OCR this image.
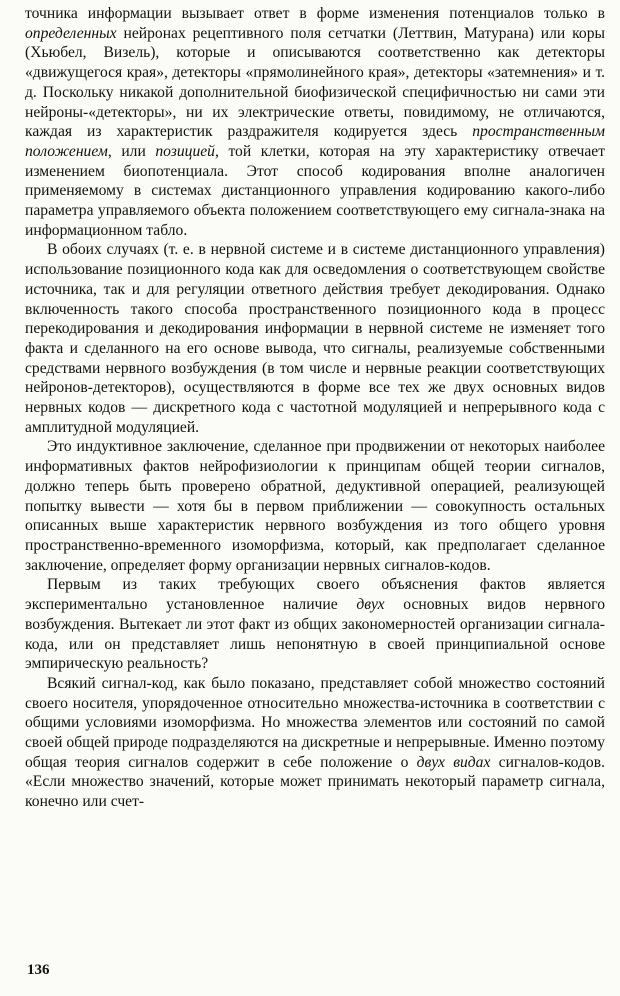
точника информации вызывает ответ в форме изменения потенциалов только в определенных нейронах рецептивного поля сетчатки (Леттвин, Матурана) или коры (Хьюбел, Визель), которые и описываются соответственно как детекторы «движущегося края», детекторы «прямолинейного края», детекторы «затемнения» и т. д. Поскольку никакой дополнительной биофизической специфичностью ни сами эти нейроны-«детекторы», ни их электрические ответы, повидимому, не отличаются, каждая из характеристик раздражителя кодируется здесь пространственным положением, или позицией, той клетки, которая на эту характеристику отвечает изменением биопотенциала. Этот способ кодирования вполне аналогичен применяемому в системах дистанционного управления кодированию какого-либо параметра управляемого объекта положением соответствующего ему сигнала-знака на информационном табло.

В обоих случаях (т. е. в нервной системе и в системе дистанционного управления) использование позиционного кода как для осведомления о соответствующем свойстве источника, так и для регуляции ответного действия требует декодирования. Однако включенность такого способа пространственного позиционного кода в процесс перекодирования и декодирования информации в нервной системе не изменяет того факта и сделанного на его основе вывода, что сигналы, реализуемые собственными средствами нервного возбуждения (в том числе и нервные реакции соответствующих нейронов-детекторов), осуществляются в форме все тех же двух основных видов нервных кодов — дискретного кода с частотной модуляцией и непрерывного кода с амплитудной модуляцией.

Это индуктивное заключение, сделанное при продвижении от некоторых наиболее информативных фактов нейрофизиологии к принципам общей теории сигналов, должно теперь быть проверено обратной, дедуктивной операцией, реализующей попытку вывести — хотя бы в первом приближении — совокупность остальных описанных выше характеристик нервного возбуждения из того общего уровня пространственно-временного изоморфизма, который, как предполагает сделанное заключение, определяет форму организации нервных сигналов-кодов.

Первым из таких требующих своего объяснения фактов является экспериментально установленное наличие двух основных видов нервного возбуждения. Вытекает ли этот факт из общих закономерностей организации сигнала-кода, или он представляет лишь непонятную в своей принципиальной основе эмпирическую реальность?

Всякий сигнал-код, как было показано, представляет собой множество состояний своего носителя, упорядоченное относительно множества-источника в соответствии с общими условиями изоморфизма. Но множества элементов или состояний по самой своей общей природе подразделяются на дискретные и непрерывные. Именно поэтому общая теория сигналов содержит в себе положение о двух видах сигналов-кодов. «Если множество значений, которые может принимать некоторый параметр сигнала, конечно или счет-

136
